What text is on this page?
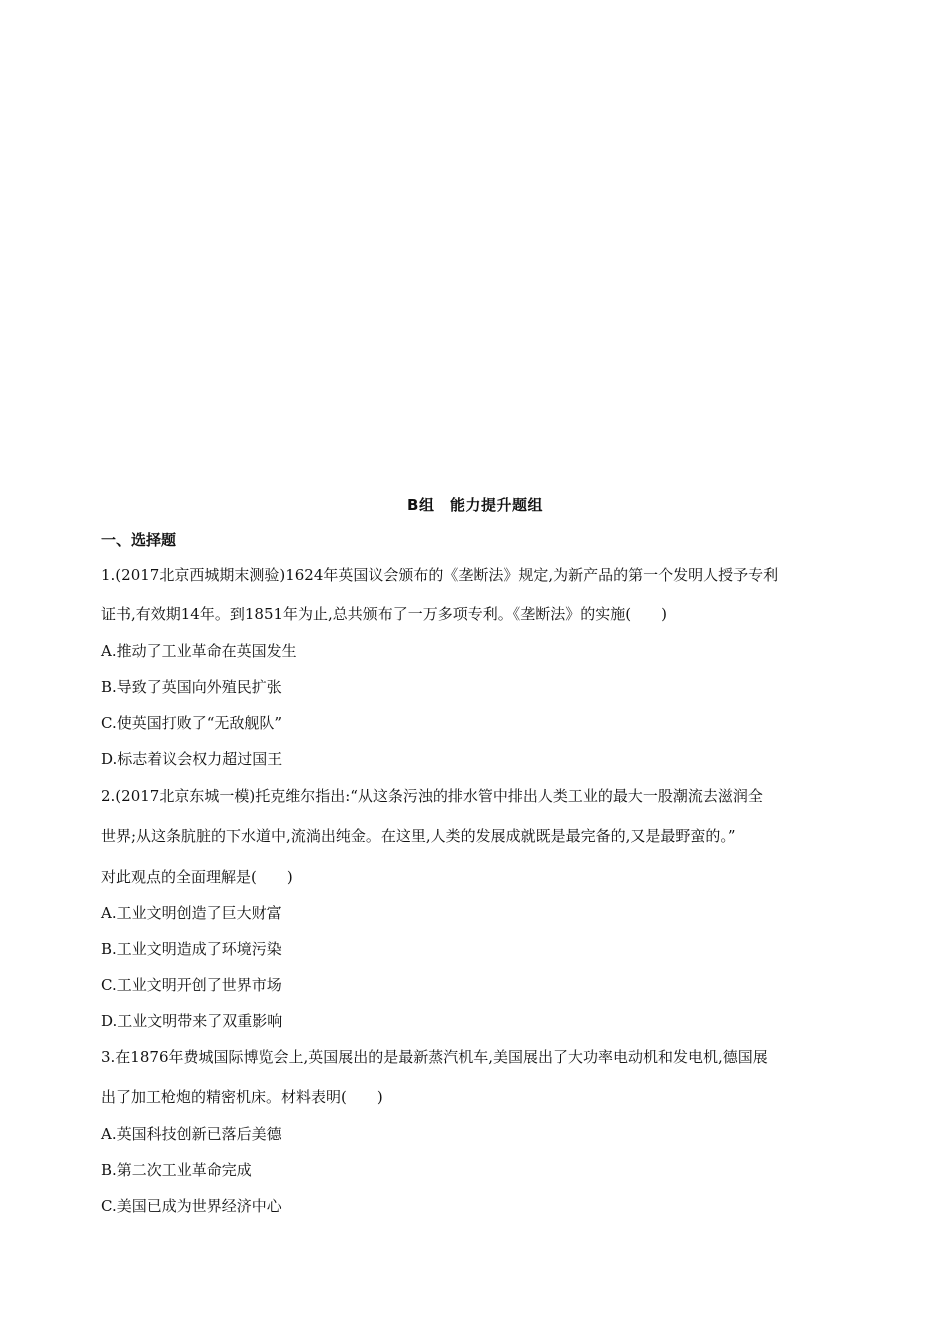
B组　能力提升题组
一、选择题
1.(2017北京西城期末测验)1624年英国议会颁布的《垄断法》规定,为新产品的第一个发明人授予专利
证书,有效期14年。到1851年为止,总共颁布了一万多项专利。《垄断法》的实施(　　)
A.推动了工业革命在英国发生
B.导致了英国向外殖民扩张
C.使英国打败了“无敌舰队”
D.标志着议会权力超过国王
2.(2017北京东城一模)托克维尔指出:“从这条污浊的排水管中排出人类工业的最大一股潮流去滋润全
世界;从这条肮脏的下水道中,流淌出纯金。在这里,人类的发展成就既是最完备的,又是最野蛮的。”
对此观点的全面理解是(　　)
A.工业文明创造了巨大财富
B.工业文明造成了环境污染
C.工业文明开创了世界市场
D.工业文明带来了双重影响
3.在1876年费城国际博览会上,英国展出的是最新蒸汽机车,美国展出了大功率电动机和发电机,德国展
出了加工枪炮的精密机床。材料表明(　　)
A.英国科技创新已落后美德
B.第二次工业革命完成
C.美国已成为世界经济中心
